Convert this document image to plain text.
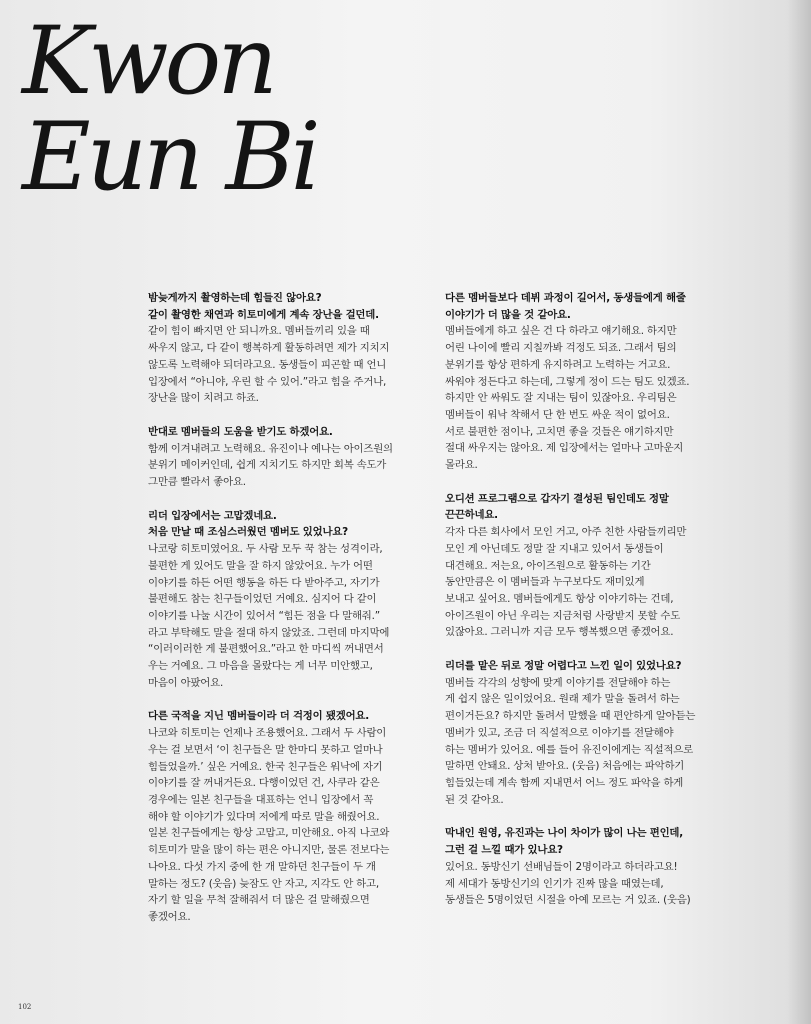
Kwon
Eun Bi

밤늦게까지 촬영하는데 힘들진 않아요?
같이 촬영한 채연과 히토미에게 계속 장난을 걸던데.

같이 힘이 빠지면 안 되니까요. 멤버들끼리 있을 때
싸우지 않고, 다 같이 행복하게 활동하려면 제가 지치지
않도록 노력해야 되더라고요. 동생들이 피곤할 때 언니
입장에서 “아니야, 우린 할 수 있어.”라고 힘을 주거나,
장난을 많이 치려고 하죠.

반대로 멤버들의 도움을 받기도 하겠어요.

함께 이겨내려고 노력해요. 유진이나 예나는 아이즈원의
분위기 메이커인데, 쉽게 지치기도 하지만 회복 속도가
그만큼 빨라서 좋아요.

리더 입장에서는 고맙겠네요.
처음 만날 때 조심스러웠던 멤버도 있었나요?

나코랑 히토미였어요. 두 사람 모두 꾹 참는 성격이라,
불편한 게 있어도 말을 잘 하지 않았어요. 누가 어떤
이야기를 하든 어떤 행동을 하든 다 받아주고, 자기가
불편해도 참는 친구들이었던 거예요. 심지어 다 같이
이야기를 나눌 시간이 있어서 “힘든 점을 다 말해줘.”
라고 부탁해도 말을 절대 하지 않았죠. 그런데 마지막에
“이러이러한 게 불편했어요.”라고 한 마디씩 꺼내면서
우는 거예요. 그 마음을 몰랐다는 게 너무 미안했고,
마음이 아팠어요.

다른 국적을 지닌 멤버들이라 더 걱정이 됐겠어요.

나코와 히토미는 언제나 조용했어요. 그래서 두 사람이
우는 걸 보면서 ‘이 친구들은 말 한마디 못하고 얼마나
힘들었을까.’ 싶은 거예요. 한국 친구들은 워낙에 자기
이야기를 잘 꺼내거든요. 다행이었던 건, 사쿠라 같은
경우에는 일본 친구들을 대표하는 언니 입장에서 꼭
해야 할 이야기가 있다며 저에게 따로 말을 해줬어요.
일본 친구들에게는 항상 고맙고, 미안해요. 아직 나코와
히토미가 말을 많이 하는 편은 아니지만, 물론 전보다는
나아요. 다섯 가지 중에 한 개 말하던 친구들이 두 개
말하는 정도? (웃음) 늦잠도 안 자고, 지각도 안 하고,
자기 할 일을 무척 잘해줘서 더 많은 걸 말해줬으면
좋겠어요.

다른 멤버들보다 데뷔 과정이 길어서, 동생들에게 해줄
이야기가 더 많을 것 같아요.

멤버들에게 하고 싶은 건 다 하라고 얘기해요. 하지만
어린 나이에 빨리 지칠까봐 걱정도 되죠. 그래서 팀의
분위기를 항상 편하게 유지하려고 노력하는 거고요.
싸워야 정든다고 하는데, 그렇게 정이 드는 팀도 있겠죠.
하지만 안 싸워도 잘 지내는 팀이 있잖아요. 우리팀은
멤버들이 워낙 착해서 단 한 번도 싸운 적이 없어요.
서로 불편한 점이나, 고치면 좋을 것들은 얘기하지만
절대 싸우지는 않아요. 제 입장에서는 얼마나 고마운지
몰라요.

오디션 프로그램으로 갑자기 결성된 팀인데도 정말
끈끈하네요.

각자 다른 회사에서 모인 거고, 아주 친한 사람들끼리만
모인 게 아닌데도 정말 잘 지내고 있어서 동생들이
대견해요. 저는요, 아이즈원으로 활동하는 기간
동안만큼은 이 멤버들과 누구보다도 재미있게
보내고 싶어요. 멤버들에게도 항상 이야기하는 건데,
아이즈원이 아닌 우리는 지금처럼 사랑받지 못할 수도
있잖아요. 그러니까 지금 모두 행복했으면 좋겠어요.

리더를 맡은 뒤로 정말 어렵다고 느낀 일이 있었나요?

멤버들 각각의 성향에 맞게 이야기를 전달해야 하는
게 쉽지 않은 일이었어요. 원래 제가 말을 돌려서 하는
편이거든요? 하지만 돌려서 말했을 때 편안하게 알아듣는
멤버가 있고, 조금 더 직설적으로 이야기를 전달해야
하는 멤버가 있어요. 예를 들어 유진이에게는 직설적으로
말하면 안돼요. 상처 받아요. (웃음) 처음에는 파악하기
힘들었는데 계속 함께 지내면서 어느 정도 파악을 하게
된 것 같아요.

막내인 원영, 유진과는 나이 차이가 많이 나는 편인데,
그런 걸 느낄 때가 있나요?

있어요. 동방신기 선배님들이 2명이라고 하더라고요!
제 세대가 동방신기의 인기가 진짜 많을 때였는데,
동생들은 5명이었던 시절을 아예 모르는 거 있죠. (웃음)

102
